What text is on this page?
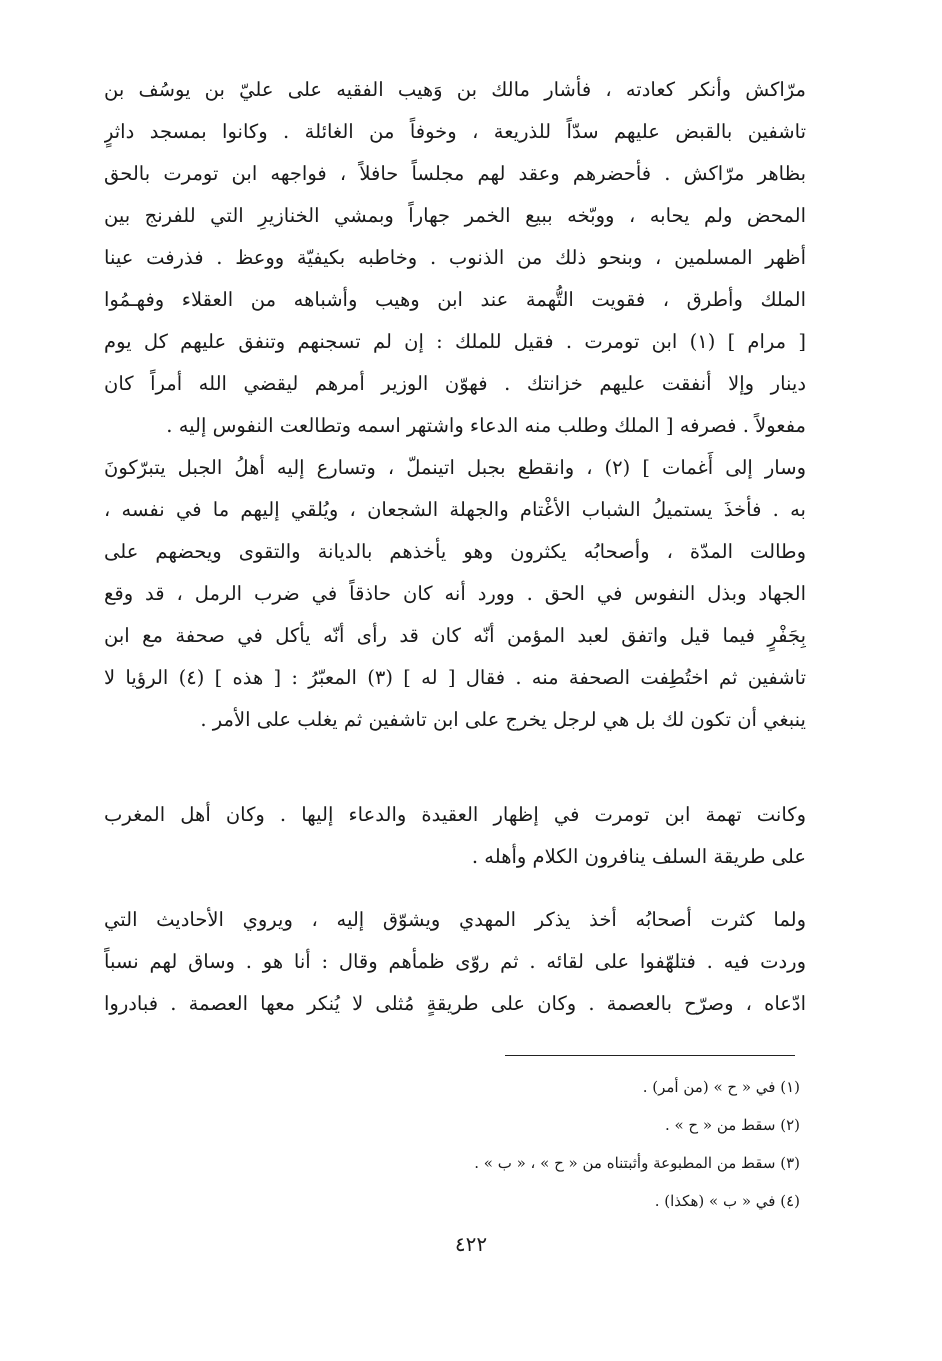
مرّاكش وأنكر كعادته ، فأشار مالك بن وَهيب الفقيه على عليّ بن يوسُف بن
تاشفين بالقبض عليهم سدّاً للذريعة ، وخوفاً من الغائلة . وكانوا بمسجد داثرٍ
بظاهر مرّاكش . فأحضرهم وعقد لهم مجلساً حافلاً ، فواجهه ابن تومرت بالحق
المحض ولم يحابه ، ووبّخه ببيع الخمر جهاراً وبمشي الخنازيرِ التي للفرنج بين
أظهر المسلمين ، وبنحو ذلك من الذنوب . وخاطبه بكيفيّة ووعظ . فذرفت عينا
الملك وأطرق ، فقويت التُّهمة عند ابن وهيب وأشباهه من العقلاء وفهـمُوا
[ مرام ] (١) ابن تومرت . فقيل للملك : إن لم تسجنهم وتنفق عليهم كل يوم
دينار وإلا أنفقت عليهم خزانتك . فهوّن الوزير أمرهم ليقضي الله أمراً كان
مفعولاً . فصرفه [ الملك وطلب منه الدعاء واشتهر اسمه وتطالعت النفوس إليه .
وسار إلى أَغمات ] (٢) ، وانقطع بجبل اتينملّ ، وتسارع إليه أهلُ الجبل يتبرّكونَ
به . فأخذَ يستميلُ الشباب الأغْتام والجهلة الشجعان ، ويُلقي إليهم ما في نفسه ،
وطالت المدّة ، وأصحابُه يكثرون وهو يأخذهم بالديانة والتقوى ويحضهم على
الجهاد وبذل النفوس في الحق . وورد أنه كان حاذقاً في ضرب الرمل ، قد وقع
بِجَفْرٍ فيما قيل واتفق لعبد المؤمن أنّه كان قد رأى أنّه يأكل في صحفة مع ابن
تاشفين ثم اختُطِفت الصحفة منه . فقال [ له ] (٣) المعبّرُ : [ هذه ] (٤) الرؤيا لا
ينبغي أن تكون لك بل هي لرجل يخرج على ابن تاشفين ثم يغلب على الأمر .
وكانت تهمة ابن تومرت في إظهار العقيدة والدعاء إليها . وكان أهل المغرب
على طريقة السلف ينافرون الكلام وأهله .
ولما كثرت أصحابُه أخذ يذكر المهدي ويشوّق إليه ، ويروي الأحاديث التي
وردت فيه . فتلهّفوا على لقائه . ثم روّى ظمأهم وقال : أنا هو . وساق لهم نسباً
ادّعاه ، وصرّح بالعصمة . وكان على طريقةٍ مُثلى لا يُنكر معها العصمة . فبادروا
(١) في « ح » (من أمر) .
(٢) سقط من « ح » .
(٣) سقط من المطبوعة وأثبتناه من « ح » ، « ب » .
(٤) في « ب » (هكذا) .
٤٢٢
